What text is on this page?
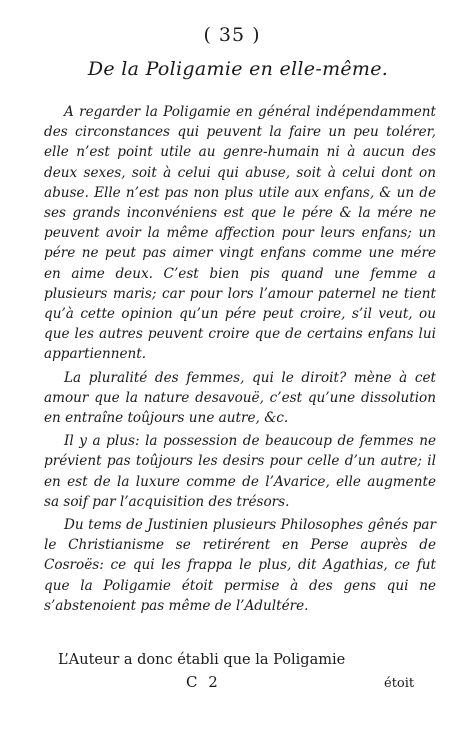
( 35 )
De la Poligamie en elle-même.

A regarder la Poligamie en général indépendamment des circonstances qui peuvent la faire un peu tolérer, elle n’est point utile au genre-humain ni à aucun des deux sexes, soit à celui qui abuse, soit à celui dont on abuse. Elle n’est pas non plus utile aux enfans, & un de ses grands inconvéniens est que le pére & la mére ne peuvent avoir la même affection pour leurs enfans; un pére ne peut pas aimer vingt enfans comme une mére en aime deux. C’est bien pis quand une femme a plusieurs maris; car pour lors l’amour paternel ne tient qu’à cette opinion qu’un pére peut croire, s’il veut, ou que les autres peuvent croire que de certains enfans lui appartiennent.

La pluralité des femmes, qui le diroit? mène à cet amour que la nature desavouë, c’est qu’une dissolution en entraîne toûjours une autre, &c.

Il y a plus: la possession de beaucoup de femmes ne prévient pas toûjours les desirs pour celle d’un autre; il en est de la luxure comme de l’Avarice, elle augmente sa soif par l’acquisition des trésors.

Du tems de Justinien plusieurs Philosophes gênés par le Christianisme se retirérent en Perse auprès de Cosroës: ce qui les frappa le plus, dit Agathias, ce fut que la Poligamie étoit permise à des gens qui ne s’abstenoient pas même de l’Adultére.

L’Auteur a donc établi que la Poligamie
C 2	étoit
